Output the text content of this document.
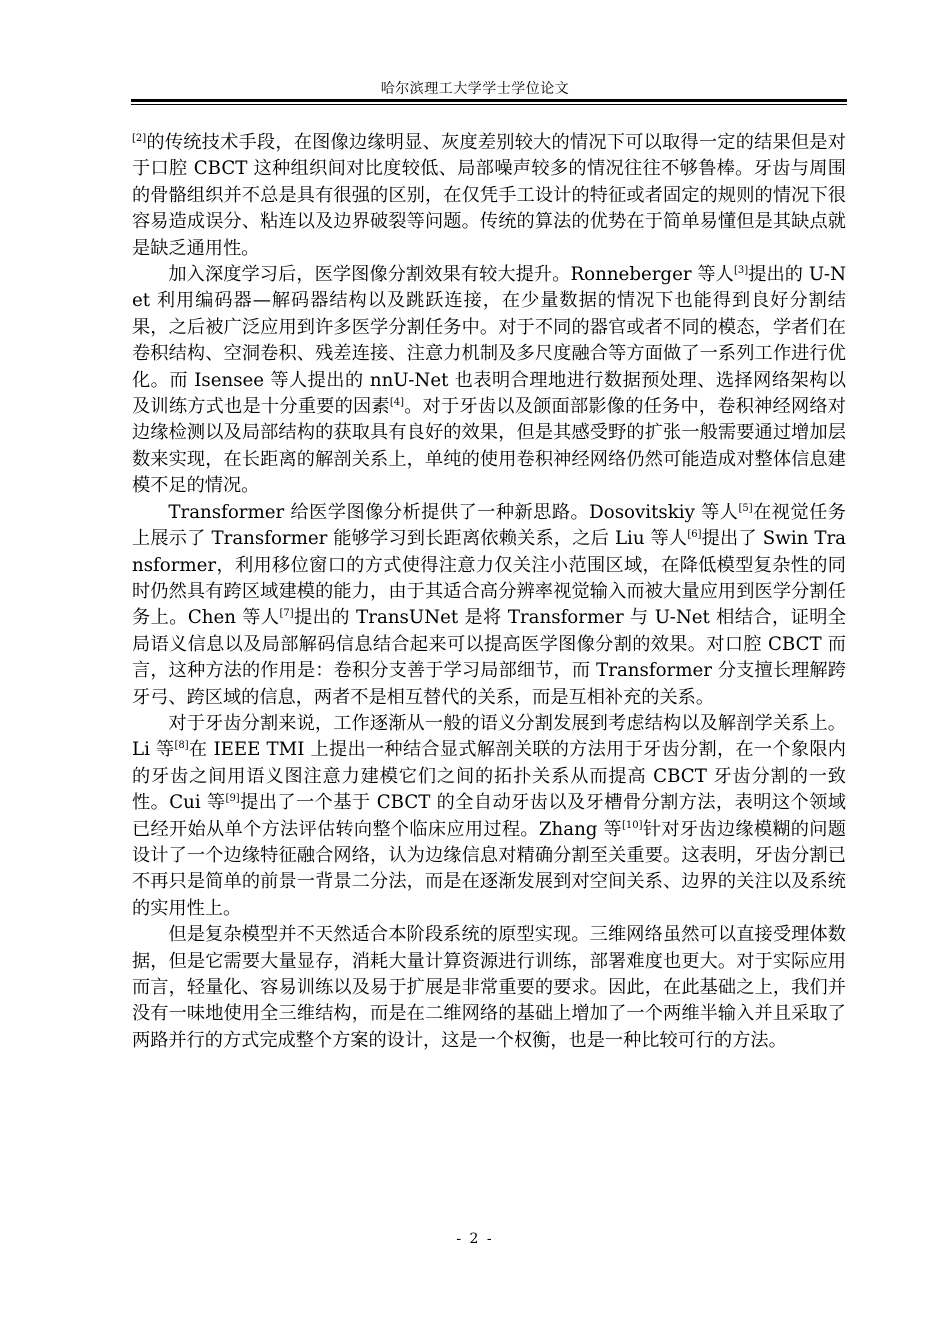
哈尔滨理工大学学士学位论文

[2]的传统技术手段，在图像边缘明显、灰度差别较大的情况下可以取得一定的结果但是对于口腔 CBCT 这种组织间对比度较低、局部噪声较多的情况往往不够鲁棒。牙齿与周围的骨骼组织并不总是具有很强的区别，在仅凭手工设计的特征或者固定的规则的情况下很容易造成误分、粘连以及边界破裂等问题。传统的算法的优势在于简单易懂但是其缺点就是缺乏通用性。

加入深度学习后，医学图像分割效果有较大提升。Ronneberger 等人[3]提出的 U-Net 利用编码器—解码器结构以及跳跃连接，在少量数据的情况下也能得到良好分割结果，之后被广泛应用到许多医学分割任务中。对于不同的器官或者不同的模态，学者们在卷积结构、空洞卷积、残差连接、注意力机制及多尺度融合等方面做了一系列工作进行优化。而 Isensee 等人提出的 nnU-Net 也表明合理地进行数据预处理、选择网络架构以及训练方式也是十分重要的因素[4]。对于牙齿以及颌面部影像的任务中，卷积神经网络对边缘检测以及局部结构的获取具有良好的效果，但是其感受野的扩张一般需要通过增加层数来实现，在长距离的解剖关系上，单纯的使用卷积神经网络仍然可能造成对整体信息建模不足的情况。

Transformer 给医学图像分析提供了一种新思路。Dosovitskiy 等人[5]在视觉任务上展示了 Transformer 能够学习到长距离依赖关系，之后 Liu 等人[6]提出了 Swin Transformer，利用移位窗口的方式使得注意力仅关注小范围区域，在降低模型复杂性的同时仍然具有跨区域建模的能力，由于其适合高分辨率视觉输入而被大量应用到医学分割任务上。Chen 等人[7]提出的 TransUNet 是将 Transformer 与 U-Net 相结合，证明全局语义信息以及局部解码信息结合起来可以提高医学图像分割的效果。对口腔 CBCT 而言，这种方法的作用是：卷积分支善于学习局部细节，而 Transformer 分支擅长理解跨牙弓、跨区域的信息，两者不是相互替代的关系，而是互相补充的关系。

对于牙齿分割来说，工作逐渐从一般的语义分割发展到考虑结构以及解剖学关系上。Li 等[8]在 IEEE TMI 上提出一种结合显式解剖关联的方法用于牙齿分割，在一个象限内的牙齿之间用语义图注意力建模它们之间的拓扑关系从而提高 CBCT 牙齿分割的一致性。Cui 等[9]提出了一个基于 CBCT 的全自动牙齿以及牙槽骨分割方法，表明这个领域已经开始从单个方法评估转向整个临床应用过程。Zhang 等[10]针对牙齿边缘模糊的问题设计了一个边缘特征融合网络，认为边缘信息对精确分割至关重要。这表明，牙齿分割已不再只是简单的前景一背景二分法，而是在逐渐发展到对空间关系、边界的关注以及系统的实用性上。

但是复杂模型并不天然适合本阶段系统的原型实现。三维网络虽然可以直接受理体数据，但是它需要大量显存，消耗大量计算资源进行训练，部署难度也更大。对于实际应用而言，轻量化、容易训练以及易于扩展是非常重要的要求。因此，在此基础之上，我们并没有一味地使用全三维结构，而是在二维网络的基础上增加了一个两维半输入并且采取了两路并行的方式完成整个方案的设计，这是一个权衡，也是一种比较可行的方法。

- 2 -
